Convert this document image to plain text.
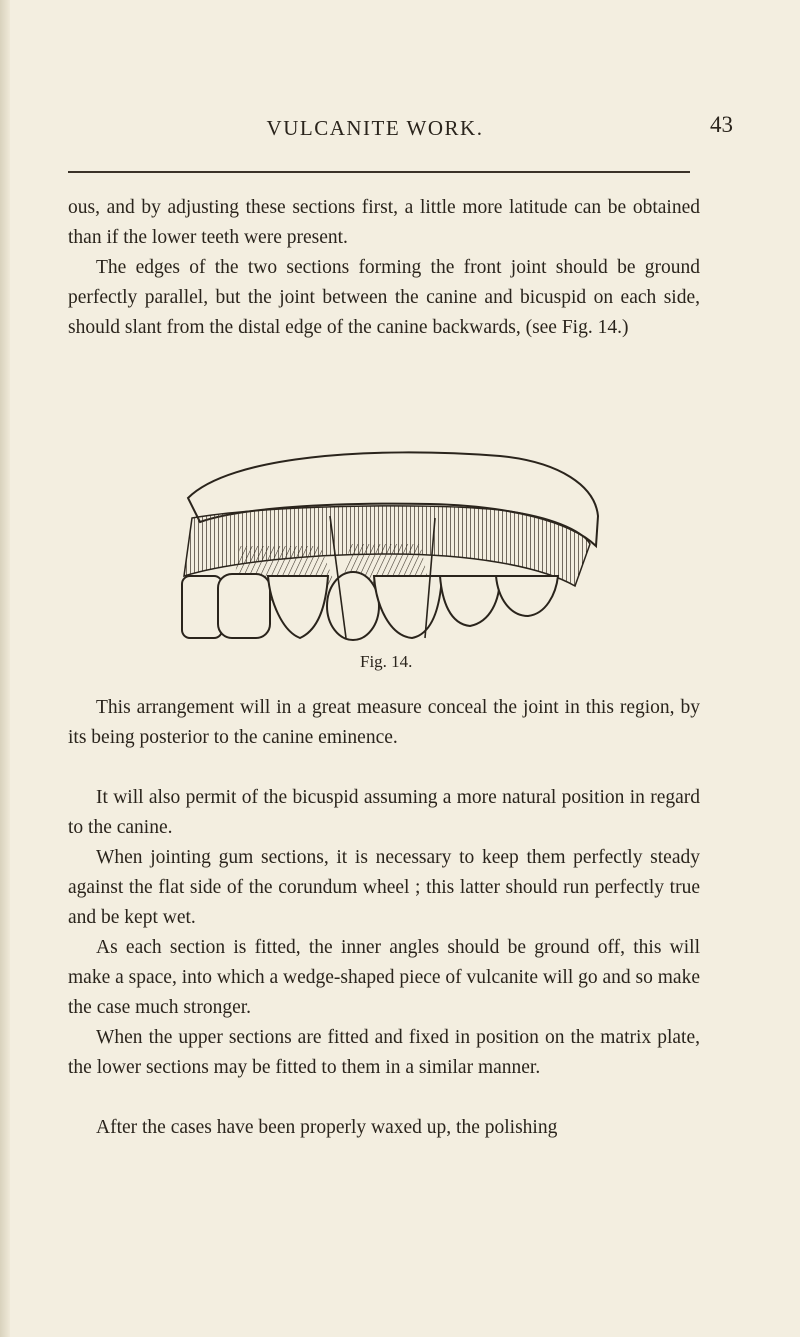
VULCANITE WORK.	43

ous, and by adjusting these sections first, a little more latitude can be obtained than if the lower teeth were present.

The edges of the two sections forming the front joint should be ground perfectly parallel, but the joint between the canine and bicuspid on each side, should slant from the distal edge of the canine backwards, (see Fig. 14.)

Fig. 14.

This arrangement will in a great measure conceal the joint in this region, by its being posterior to the canine eminence.

It will also permit of the bicuspid assuming a more natural position in regard to the canine.

When jointing gum sections, it is necessary to keep them perfectly steady against the flat side of the corundum wheel ; this latter should run perfectly true and be kept wet.

As each section is fitted, the inner angles should be ground off, this will make a space, into which a wedge-shaped piece of vulcanite will go and so make the case much stronger.

When the upper sections are fitted and fixed in position on the matrix plate, the lower sections may be fitted to them in a similar manner.

After the cases have been properly waxed up, the polishing
